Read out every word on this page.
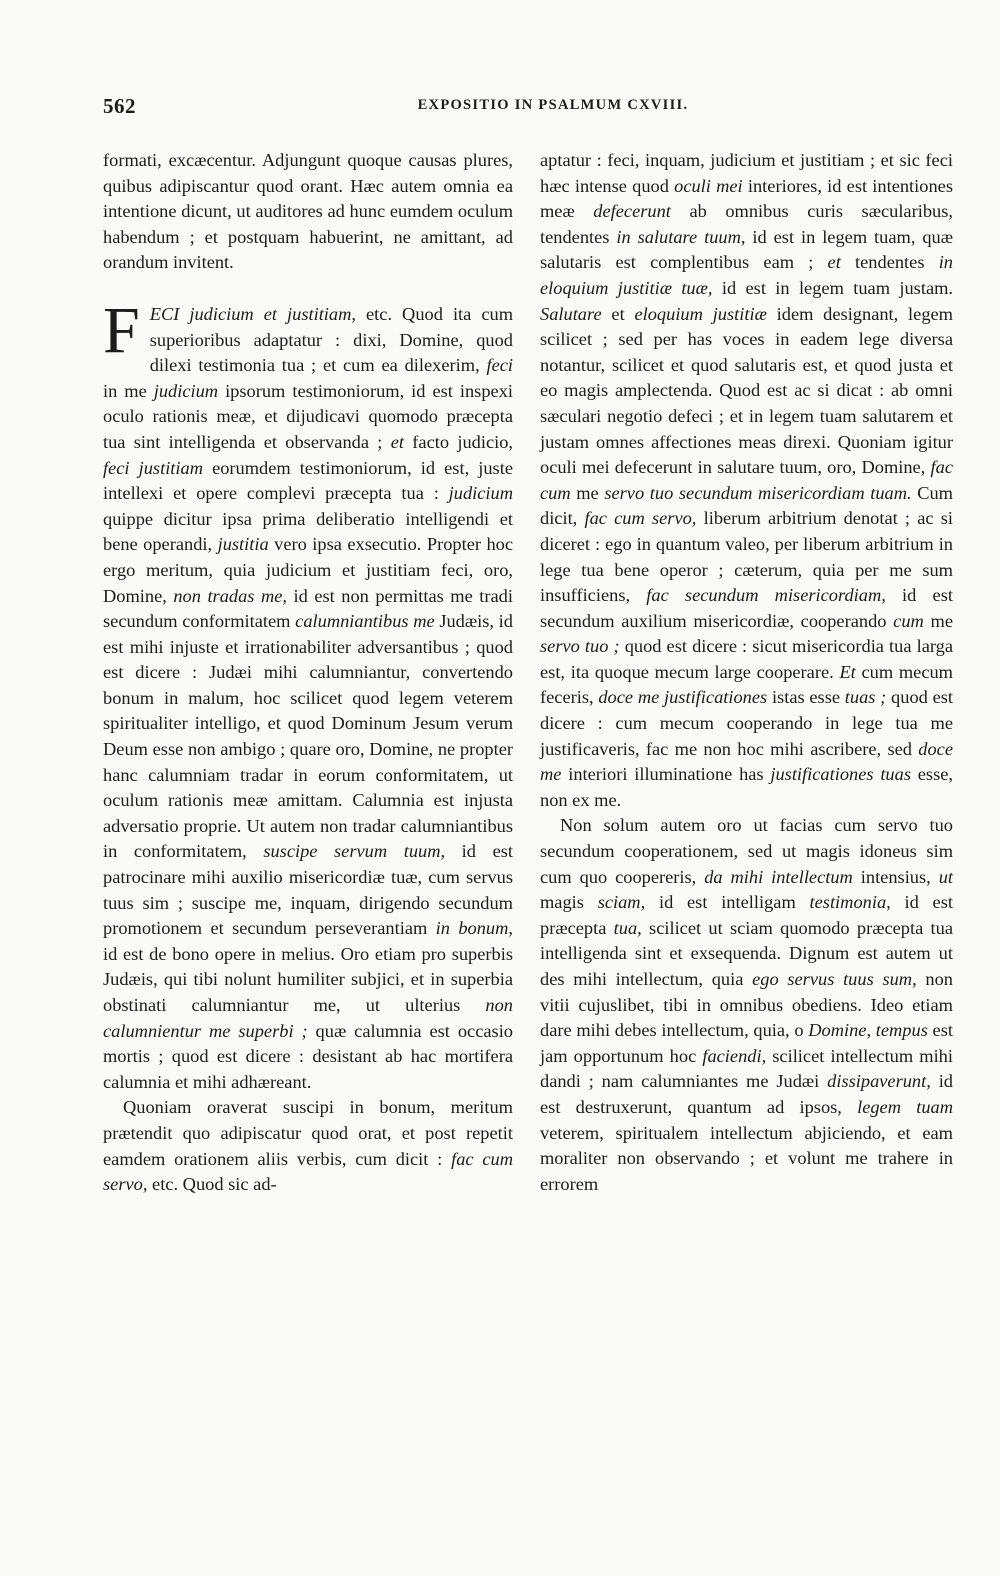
562	EXPOSITIO IN PSALMUM CXVIII.

formati, excæcentur. Adjungunt quoque causas plures, quibus adipiscantur quod orant. Hæc autem omnia ea intentione dicunt, ut auditores ad hunc eumdem oculum habendum ; et postquam habuerint, ne amittant, ad orandum invitent.

FECI judicium et justitiam, etc. Quod ita cum superioribus adaptatur : dixi, Domine, quod dilexi testimonia tua ; et cum ea dilexerim, feci in me judicium ipsorum testimoniorum, id est inspexi oculo rationis meæ, et dijudicavi quomodo præcepta tua sint intelligenda et observanda ; et facto judicio, feci justitiam eorumdem testimoniorum, id est, juste intellexi et opere complevi præcepta tua : judicium quippe dicitur ipsa prima deliberatio intelligendi et bene operandi, justitia vero ipsa exsecutio. Propter hoc ergo meritum, quia judicium et justitiam feci, oro, Domine, non tradas me, id est non permittas me tradi secundum conformitatem calumniantibus me Judæis, id est mihi injuste et irrationabiliter adversantibus ; quod est dicere : Judæi mihi calumniantur, convertendo bonum in malum, hoc scilicet quod legem veterem spiritualiter intelligo, et quod Dominum Jesum verum Deum esse non ambigo ; quare oro, Domine, ne propter hanc calumniam tradar in eorum conformitatem, ut oculum rationis meæ amittam. Calumnia est injusta adversatio proprie. Ut autem non tradar calumniantibus in conformitatem, suscipe servum tuum, id est patrocinare mihi auxilio misericordiæ tuæ, cum servus tuus sim ; suscipe me, inquam, dirigendo secundum promotionem et secundum perseverantiam in bonum, id est de bono opere in melius. Oro etiam pro superbis Judæis, qui tibi nolunt humiliter subjici, et in superbia obstinati calumniantur me, ut ulterius non calumnientur me superbi ; quæ calumnia est occasio mortis ; quod est dicere : desistant ab hac mortifera calumnia et mihi adhæreant.

Quoniam oraverat suscipi in bonum, meritum prætendit quo adipiscatur quod orat, et post repetit eamdem orationem aliis verbis, cum dicit : fac cum servo, etc. Quod sic ad-

aptatur : feci, inquam, judicium et justitiam ; et sic feci hæc intense quod oculi mei interiores, id est intentiones meæ defecerunt ab omnibus curis sæcularibus, tendentes in salutare tuum, id est in legem tuam, quæ salutaris est complentibus eam ; et tendentes in eloquium justitiæ tuæ, id est in legem tuam justam. Salutare et eloquium justitiæ idem designant, legem scilicet ; sed per has voces in eadem lege diversa notantur, scilicet et quod salutaris est, et quod justa et eo magis amplectenda. Quod est ac si dicat : ab omni sæculari negotio defeci ; et in legem tuam salutarem et justam omnes affectiones meas direxi. Quoniam igitur oculi mei defecerunt in salutare tuum, oro, Domine, fac cum me servo tuo secundum misericordiam tuam. Cum dicit, fac cum servo, liberum arbitrium denotat ; ac si diceret : ego in quantum valeo, per liberum arbitrium in lege tua bene operor ; cæterum, quia per me sum insufficiens, fac secundum misericordiam, id est secundum auxilium misericordiæ, cooperando cum me servo tuo ; quod est dicere : sicut misericordia tua larga est, ita quoque mecum large cooperare. Et cum mecum feceris, doce me justificationes istas esse tuas ; quod est dicere : cum mecum cooperando in lege tua me justificaveris, fac me non hoc mihi ascribere, sed doce me interiori illuminatione has justificationes tuas esse, non ex me.

Non solum autem oro ut facias cum servo tuo secundum cooperationem, sed ut magis idoneus sim cum quo coopereris, da mihi intellectum intensius, ut magis sciam, id est intelligam testimonia, id est præcepta tua, scilicet ut sciam quomodo præcepta tua intelligenda sint et exsequenda. Dignum est autem ut des mihi intellectum, quia ego servus tuus sum, non vitii cujuslibet, tibi in omnibus obediens. Ideo etiam dare mihi debes intellectum, quia, o Domine, tempus est jam opportunum hoc faciendi, scilicet intellectum mihi dandi ; nam calumniantes me Judæi dissipaverunt, id est destruxerunt, quantum ad ipsos, legem tuam veterem, spiritualem intellectum abjiciendo, et eam moraliter non observando ; et volunt me trahere in errorem
